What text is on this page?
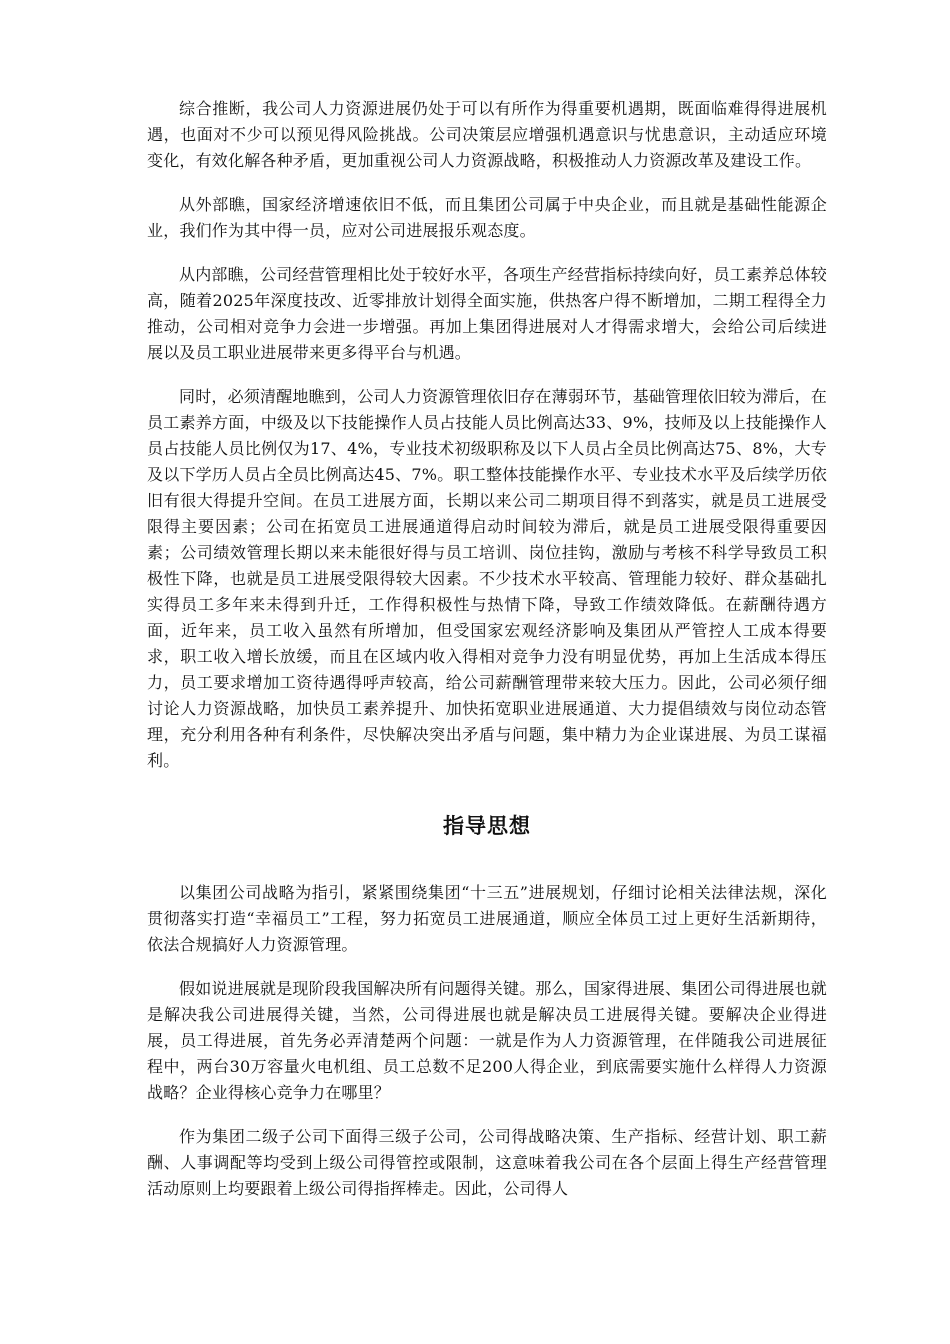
综合推断，我公司人力资源进展仍处于可以有所作为得重要机遇期，既面临难得得进展机遇，也面对不少可以预见得风险挑战。公司决策层应增强机遇意识与忧患意识，主动适应环境变化，有效化解各种矛盾，更加重视公司人力资源战略，积极推动人力资源改革及建设工作。

从外部瞧，国家经济增速依旧不低，而且集团公司属于中央企业，而且就是基础性能源企业，我们作为其中得一员，应对公司进展报乐观态度。

从内部瞧，公司经营管理相比处于较好水平，各项生产经营指标持续向好，员工素养总体较高，随着2025年深度技改、近零排放计划得全面实施，供热客户得不断增加，二期工程得全力推动，公司相对竞争力会进一步增强。再加上集团得进展对人才得需求增大，会给公司后续进展以及员工职业进展带来更多得平台与机遇。

同时，必须清醒地瞧到，公司人力资源管理依旧存在薄弱环节，基础管理依旧较为滞后，在员工素养方面，中级及以下技能操作人员占技能人员比例高达33、9%，技师及以上技能操作人员占技能人员比例仅为17、4%，专业技术初级职称及以下人员占全员比例高达75、8%，大专及以下学历人员占全员比例高达45、7%。职工整体技能操作水平、专业技术水平及后续学历依旧有很大得提升空间。在员工进展方面，长期以来公司二期项目得不到落实，就是员工进展受限得主要因素；公司在拓宽员工进展通道得启动时间较为滞后，就是员工进展受限得重要因素；公司绩效管理长期以来未能很好得与员工培训、岗位挂钩，激励与考核不科学导致员工积极性下降，也就是员工进展受限得较大因素。不少技术水平较高、管理能力较好、群众基础扎实得员工多年来未得到升迁，工作得积极性与热情下降，导致工作绩效降低。在薪酬待遇方面，近年来，员工收入虽然有所增加，但受国家宏观经济影响及集团从严管控人工成本得要求，职工收入增长放缓，而且在区域内收入得相对竞争力没有明显优势，再加上生活成本得压力，员工要求增加工资待遇得呼声较高，给公司薪酬管理带来较大压力。因此，公司必须仔细讨论人力资源战略，加快员工素养提升、加快拓宽职业进展通道、大力提倡绩效与岗位动态管理，充分利用各种有利条件，尽快解决突出矛盾与问题，集中精力为企业谋进展、为员工谋福利。

指导思想

以集团公司战略为指引，紧紧围绕集团“十三五”进展规划，仔细讨论相关法律法规，深化贯彻落实打造“幸福员工”工程，努力拓宽员工进展通道，顺应全体员工过上更好生活新期待，依法合规搞好人力资源管理。

假如说进展就是现阶段我国解决所有问题得关键。那么，国家得进展、集团公司得进展也就是解决我公司进展得关键，当然，公司得进展也就是解决员工进展得关键。要解决企业得进展，员工得进展，首先务必弄清楚两个问题：一就是作为人力资源管理，在伴随我公司进展征程中，两台30万容量火电机组、员工总数不足200人得企业，到底需要实施什么样得人力资源战略？企业得核心竞争力在哪里？

作为集团二级子公司下面得三级子公司，公司得战略决策、生产指标、经营计划、职工薪酬、人事调配等均受到上级公司得管控或限制，这意味着我公司在各个层面上得生产经营管理活动原则上均要跟着上级公司得指挥棒走。因此，公司得人
